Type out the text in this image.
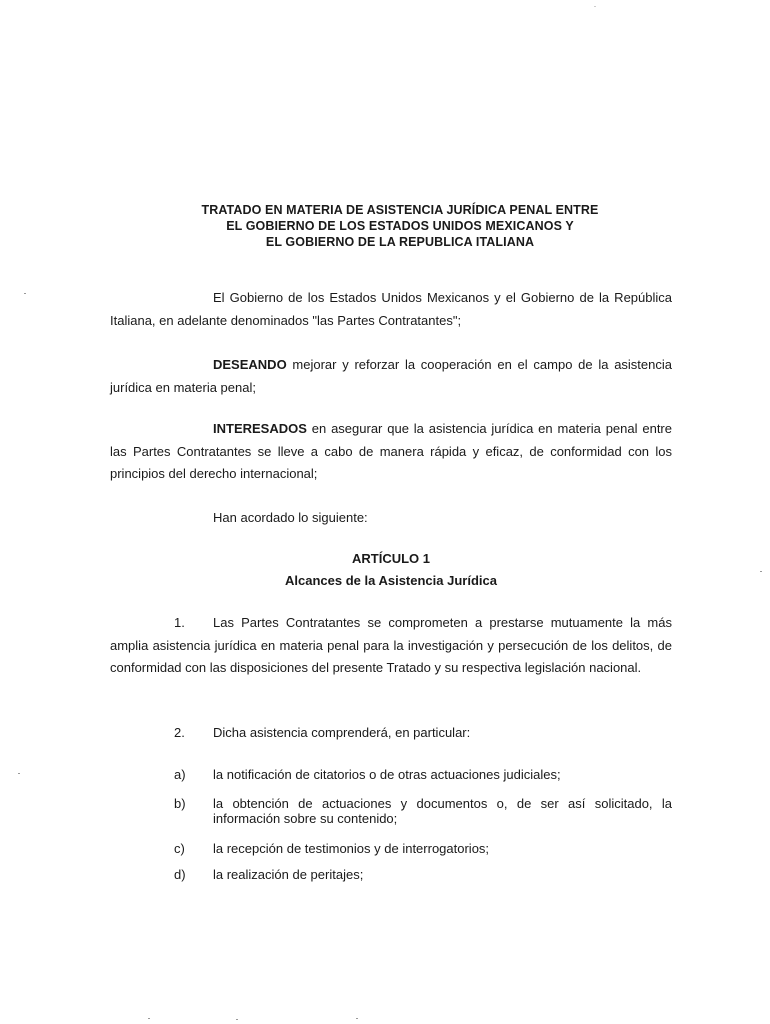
TRATADO EN MATERIA DE ASISTENCIA JURÍDICA PENAL ENTRE
EL GOBIERNO DE LOS ESTADOS UNIDOS MEXICANOS Y
EL GOBIERNO DE LA REPUBLICA ITALIANA
El Gobierno de los Estados Unidos Mexicanos y el Gobierno de la República Italiana, en adelante denominados "las Partes Contratantes";
DESEANDO mejorar y reforzar la cooperación en el campo de la asistencia jurídica en materia penal;
INTERESADOS en asegurar que la asistencia jurídica en materia penal entre las Partes Contratantes se lleve a cabo de manera rápida y eficaz, de conformidad con los principios del derecho internacional;
Han acordado lo siguiente:
ARTÍCULO 1
Alcances de la Asistencia Jurídica
1. Las Partes Contratantes se comprometen a prestarse mutuamente la más amplia asistencia jurídica en materia penal para la investigación y persecución de los delitos, de conformidad con las disposiciones del presente Tratado y su respectiva legislación nacional.
2. Dicha asistencia comprenderá, en particular:
a) la notificación de citatorios o de otras actuaciones judiciales;
b) la obtención de actuaciones y documentos o, de ser así solicitado, la información sobre su contenido;
c) la recepción de testimonios y de interrogatorios;
d) la realización de peritajes;
